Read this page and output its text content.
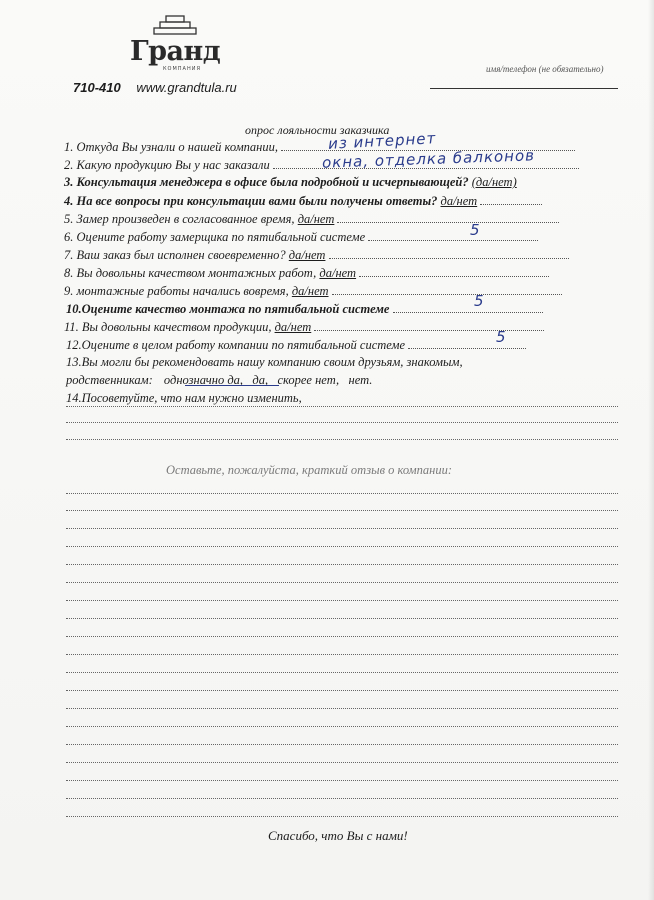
Гранд
КОМПАНИЯ
710-410 www.grandtula.ru
имя/телефон (не обязательно)
опрос лояльности заказчика
1. Откуда Вы узнали о нашей компании,	из интернет
2. Какую продукцию Вы у нас заказали	окна, отделка балконов
3. Консультация менеджера в офисе была подробной и исчерпывающей? (да/нет)
4. На все вопросы при консультации вами были получены ответы? да/нет
5. Замер произведен в согласованное время, да/нет
6. Оцените работу замерщика по пятибальной системе	5
7. Ваш заказ был исполнен своевременно? да/нет
8. Вы довольны качеством монтажных работ, да/нет
9. монтажные работы начались вовремя, да/нет
10.Оцените качество монтажа по пятибальной системе	5
11. Вы довольны качеством продукции, да/нет
12.Оцените в целом работу компании по пятибальной системе	5
13.Вы могли бы рекомендовать нашу компанию своим друзьям, знакомым,
родственникам: однозначно да,   да,   скорее нет,   нет.
14.Посоветуйте, что нам нужно изменить,
Оставьте, пожалуйста, краткий отзыв о компании:
Спасибо, что Вы с нами!
